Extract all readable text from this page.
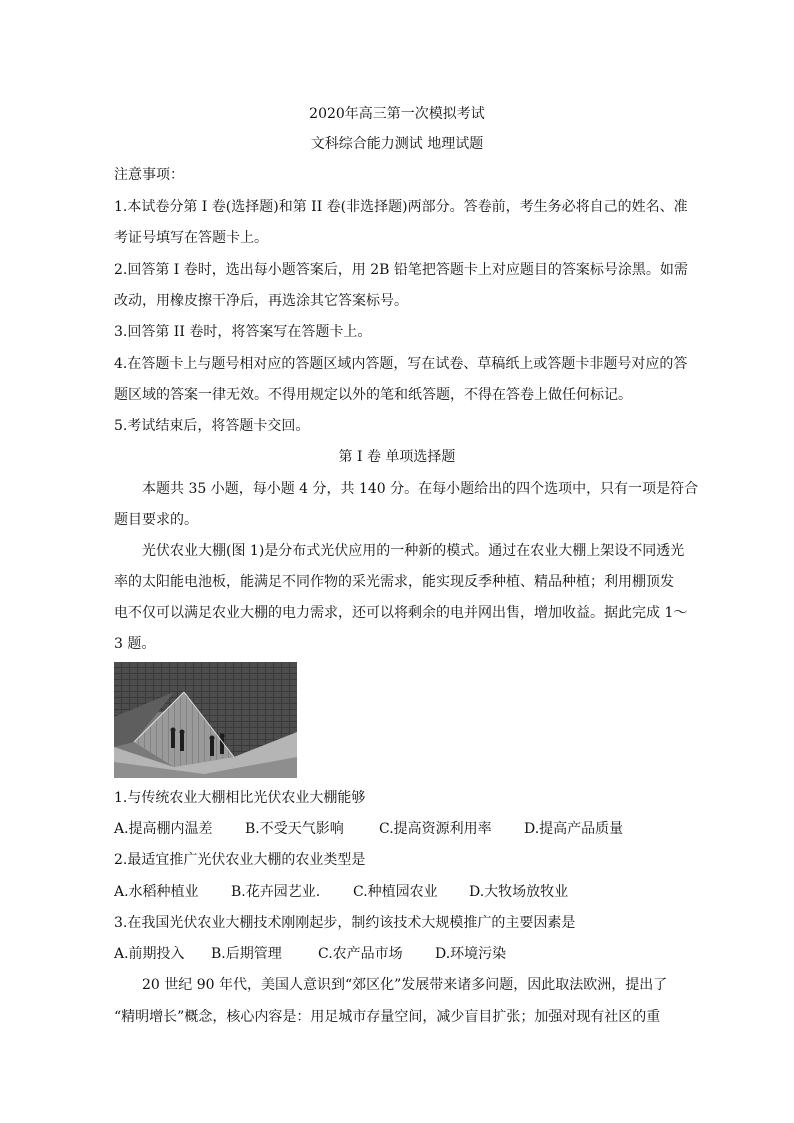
2020年高三第一次模拟考试
文科综合能力测试 地理试题
注意事项：
1.本试卷分第 I 卷(选择题)和第 II 卷(非选择题)两部分。答卷前，考生务必将自己的姓名、准
考证号填写在答题卡上。
2.回答第 I 卷时，选出每小题答案后，用 2B 铅笔把答题卡上对应题目的答案标号涂黑。如需
改动，用橡皮擦干净后，再选涂其它答案标号。
3.回答第 II 卷时，将答案写在答题卡上。
4.在答题卡上与题号相对应的答题区域内答题，写在试卷、草稿纸上或答题卡非题号对应的答
题区域的答案一律无效。不得用规定以外的笔和纸答题，不得在答卷上做任何标记。
5.考试结束后，将答题卡交回。
第 I 卷 单项选择题
本题共 35 小题，每小题 4 分，共 140 分。在每小题给出的四个选项中，只有一项是符合
题目要求的。
光伏农业大棚(图 1)是分布式光伏应用的一种新的模式。通过在农业大棚上架设不同透光
率的太阳能电池板，能满足不同作物的采光需求，能实现反季种植、精品种植；利用棚顶发
电不仅可以满足农业大棚的电力需求，还可以将剩余的电并网出售，增加收益。据此完成 1～
3 题。
1.与传统农业大棚相比光伏农业大棚能够
A.提高棚内温差 B.不受天气影响	C.提高资源利用率 D.提高产品质量
2.最适宜推广光伏农业大棚的农业类型是
A.水稻种植业 B.花卉园艺业. C.种植园农业 D.大牧场放牧业
3.在我国光伏农业大棚技术刚刚起步，制约该技术大规模推广的主要因素是
A.前期投入 B.后期管理	C.农产品市场 D.环境污染
20 世纪 90 年代，美国人意识到“郊区化”发展带来诸多问题，因此取法欧洲，提出了
“精明增长”概念，核心内容是：用足城市存量空间，减少盲目扩张；加强对现有社区的重
